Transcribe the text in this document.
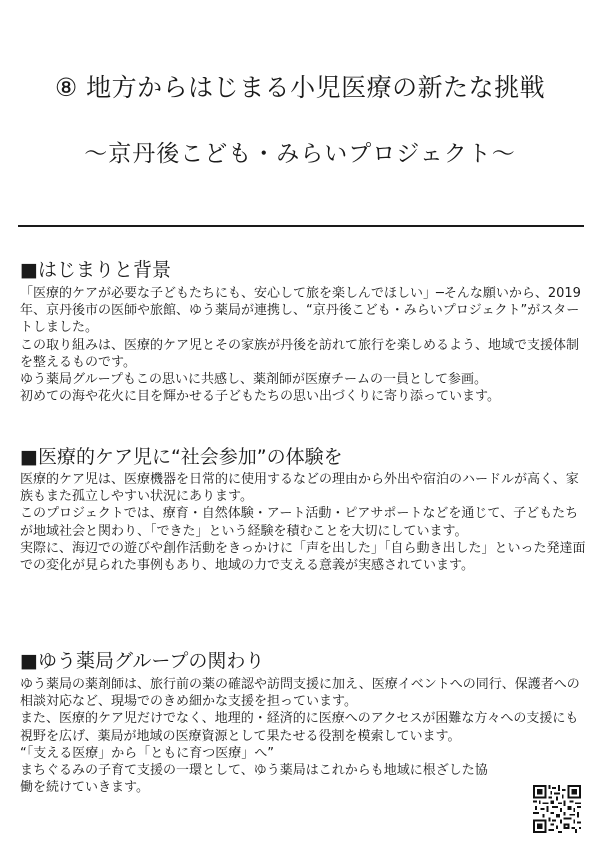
⑧ 地方からはじまる小児医療の新たな挑戦
～京丹後こども・みらいプロジェクト～
■はじまりと背景

「医療的ケアが必要な子どもたちにも、安心して旅を楽しんでほしい」─そんな願いから、2019年、京丹後市の医師や旅館、ゆう薬局が連携し、“京丹後こども・みらいプロジェクト”がスタートしました。

この取り組みは、医療的ケア児とその家族が丹後を訪れて旅行を楽しめるよう、地域で支援体制を整えるものです。

ゆう薬局グループもこの思いに共感し、薬剤師が医療チームの一員として参画。

初めての海や花火に目を輝かせる子どもたちの思い出づくりに寄り添っています。

■医療的ケア児に“社会参加”の体験を

医療的ケア児は、医療機器を日常的に使用するなどの理由から外出や宿泊のハードルが高く、家族もまた孤立しやすい状況にあります。

このプロジェクトでは、療育・自然体験・アート活動・ピアサポートなどを通じて、子どもたちが地域社会と関わり、「できた」という経験を積むことを大切にしています。

実際に、海辺での遊びや創作活動をきっかけに「声を出した」「自ら動き出した」といった発達面での変化が見られた事例もあり、地域の力で支える意義が実感されています。

■ゆう薬局グループの関わり

ゆう薬局の薬剤師は、旅行前の薬の確認や訪問支援に加え、医療イベントへの同行、保護者への相談対応など、現場でのきめ細かな支援を担っています。

また、医療的ケア児だけでなく、地理的・経済的に医療へのアクセスが困難な方々への支援にも視野を広げ、薬局が地域の医療資源として果たせる役割を模索しています。

“「支える医療」から「ともに育つ医療」へ”

まちぐるみの子育て支援の一環として、ゆう薬局はこれからも地域に根ざした協働を続けていきます。
